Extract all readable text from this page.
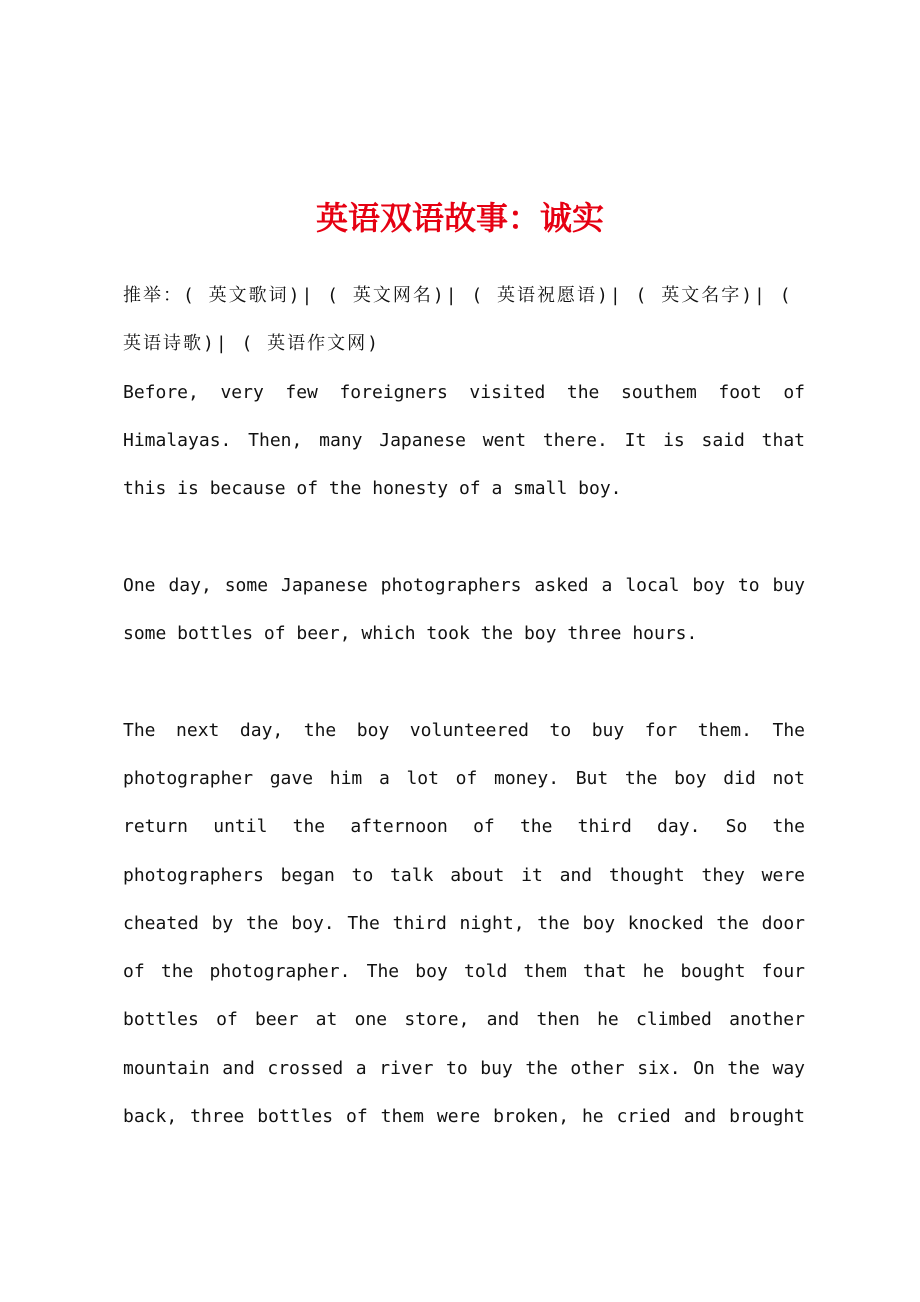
英语双语故事：诚实

推举：( 英文歌词)| ( 英文网名)| ( 英语祝愿语)| ( 英文名字)| ( 英语诗歌)| ( 英语作文网)

Before, very few foreigners visited the southem foot of Himalayas. Then, many Japanese went there. It is said that this is because of the honesty of a small boy.

One day, some Japanese photographers asked a local boy to buy some bottles of beer, which took the boy three hours.

The next day, the boy volunteered to buy for them. The photographer gave him a lot of money. But the boy did not return until the afternoon of the third day. So the photographers began to talk about it and thought they were cheated by the boy. The third night, the boy knocked the door of the photographer. The boy told them that he bought four bottles of beer at one store, and then he climbed another mountain and crossed a river to buy the other six. On the way back, three bottles of them were broken, he cried and brought
